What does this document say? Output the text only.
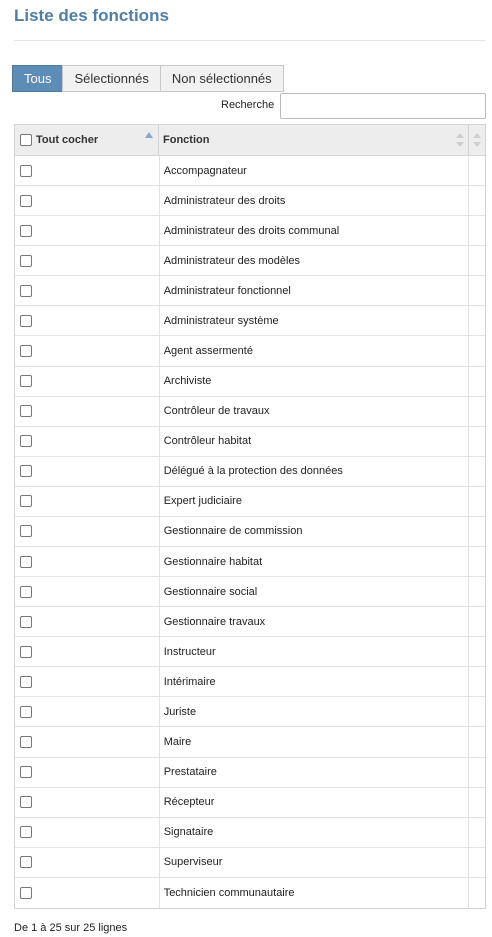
Liste des fonctions
Tous	Sélectionnés	Non sélectionnés
Recherche
Tout cocher	Fonction
Accompagnateur
Administrateur des droits
Administrateur des droits communal
Administrateur des modèles
Administrateur fonctionnel
Administrateur système
Agent assermenté
Archiviste
Contrôleur de travaux
Contrôleur habitat
Délégué à la protection des données
Expert judiciaire
Gestionnaire de commission
Gestionnaire habitat
Gestionnaire social
Gestionnaire travaux
Instructeur
Intérimaire
Juriste
Maire
Prestataire
Récepteur
Signataire
Superviseur
Technicien communautaire
De 1 à 25 sur 25 lignes
